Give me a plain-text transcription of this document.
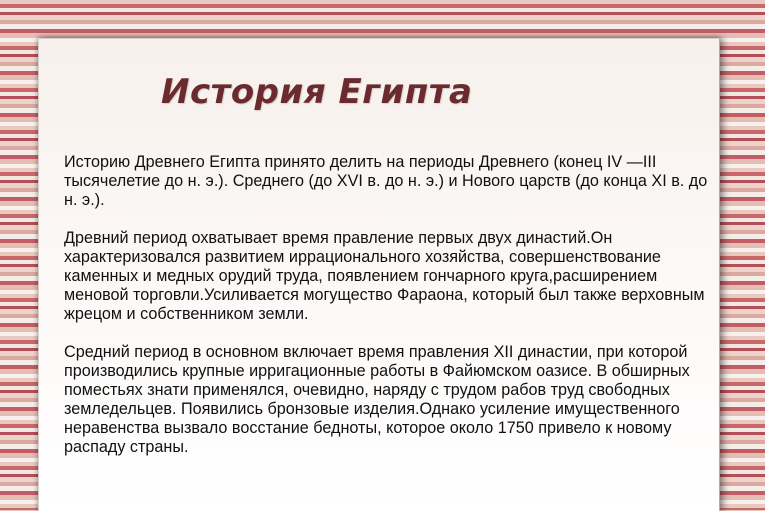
История Египта

Историю Древнего Египта принято делить на периоды Древнего (конец IV —III тысячелетие до н. э.). Среднего (до XVI в. до н. э.) и Нового царств (до конца XI в. до н. э.).

Древний период охватывает время правление первых двух династий.Он характеризовался развитием иррационального хозяйства, совершенствование каменных и медных орудий труда, появлением гончарного круга,расширением меновой торговли.Усиливается могущество Фараона, который был также верховным жрецом и собственником земли.

Средний период в основном включает время правления XII династии, при которой производились крупные ирригационные работы в Файюмском оазисе. В обширных поместьях знати применялся, очевидно, наряду с трудом рабов труд свободных земледельцев. Появились бронзовые изделия.Однако усиление имущественного неравенства вызвало восстание бедноты, которое около 1750 привело к новому распаду страны.
